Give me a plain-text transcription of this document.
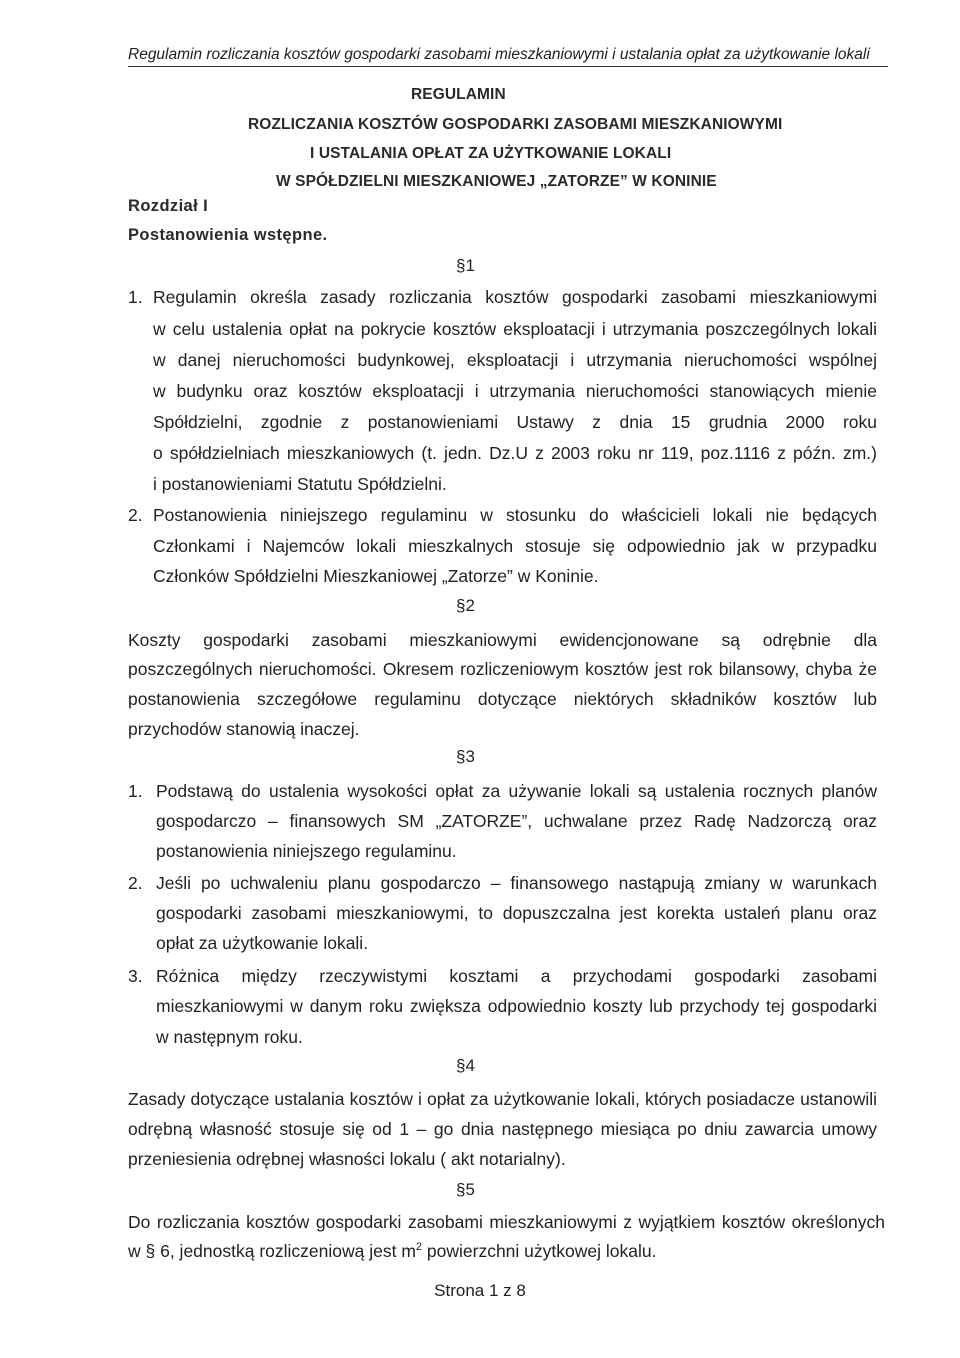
Regulamin rozliczania kosztów gospodarki zasobami mieszkaniowymi i ustalania opłat za użytkowanie lokali
REGULAMIN
ROZLICZANIA KOSZTÓW GOSPODARKI ZASOBAMI MIESZKANIOWYMI
I USTALANIA OPŁAT ZA UŻYTKOWANIE LOKALI
W SPÓŁDZIELNI MIESZKANIOWEJ „ZATORZE” W KONINIE
Rozdział I
Postanowienia wstępne.
§1
1. Regulamin określa zasady rozliczania kosztów gospodarki zasobami mieszkaniowymi
w celu ustalenia opłat na pokrycie kosztów eksploatacji i utrzymania poszczególnych lokali
w danej nieruchomości budynkowej, eksploatacji i utrzymania nieruchomości wspólnej
w budynku oraz kosztów eksploatacji i utrzymania nieruchomości stanowiących mienie
Spółdzielni, zgodnie z postanowieniami Ustawy z dnia 15 grudnia 2000 roku
o spółdzielniach mieszkaniowych (t. jedn. Dz.U z 2003 roku nr 119, poz.1116 z późn. zm.)
i postanowieniami Statutu Spółdzielni.
2. Postanowienia niniejszego regulaminu w stosunku do właścicieli lokali nie będących
Członkami i Najemców lokali mieszkalnych stosuje się odpowiednio jak w przypadku
Członków Spółdzielni Mieszkaniowej „Zatorze” w Koninie.
§2
Koszty gospodarki zasobami mieszkaniowymi ewidencjonowane są odrębnie dla
poszczególnych nieruchomości. Okresem rozliczeniowym kosztów jest rok bilansowy, chyba że
postanowienia szczegółowe regulaminu dotyczące niektórych składników kosztów lub
przychodów stanowią inaczej.
§3
1. Podstawą do ustalenia wysokości opłat za używanie lokali są ustalenia rocznych planów
gospodarczo – finansowych SM „ZATORZE”, uchwalane przez Radę Nadzorczą oraz
postanowienia niniejszego regulaminu.
2. Jeśli po uchwaleniu planu gospodarczo – finansowego nastąpują zmiany w warunkach
gospodarki zasobami mieszkaniowymi, to dopuszczalna jest korekta ustaleń planu oraz
opłat za użytkowanie lokali.
3. Różnica między rzeczywistymi kosztami a przychodami gospodarki zasobami
mieszkaniowymi w danym roku zwiększa odpowiednio koszty lub przychody tej gospodarki
w następnym roku.
§4
Zasady dotyczące ustalania kosztów i opłat za użytkowanie lokali, których posiadacze ustanowili
odrębną własność stosuje się od 1 – go dnia następnego miesiąca po dniu zawarcia umowy
przeniesienia odrębnej własności lokalu ( akt notarialny).
§5
Do rozliczania kosztów gospodarki zasobami mieszkaniowymi z wyjątkiem kosztów określonych
w § 6, jednostką rozliczeniową jest $m^2$ powierzchni użytkowej lokalu.
Strona 1 z 8
